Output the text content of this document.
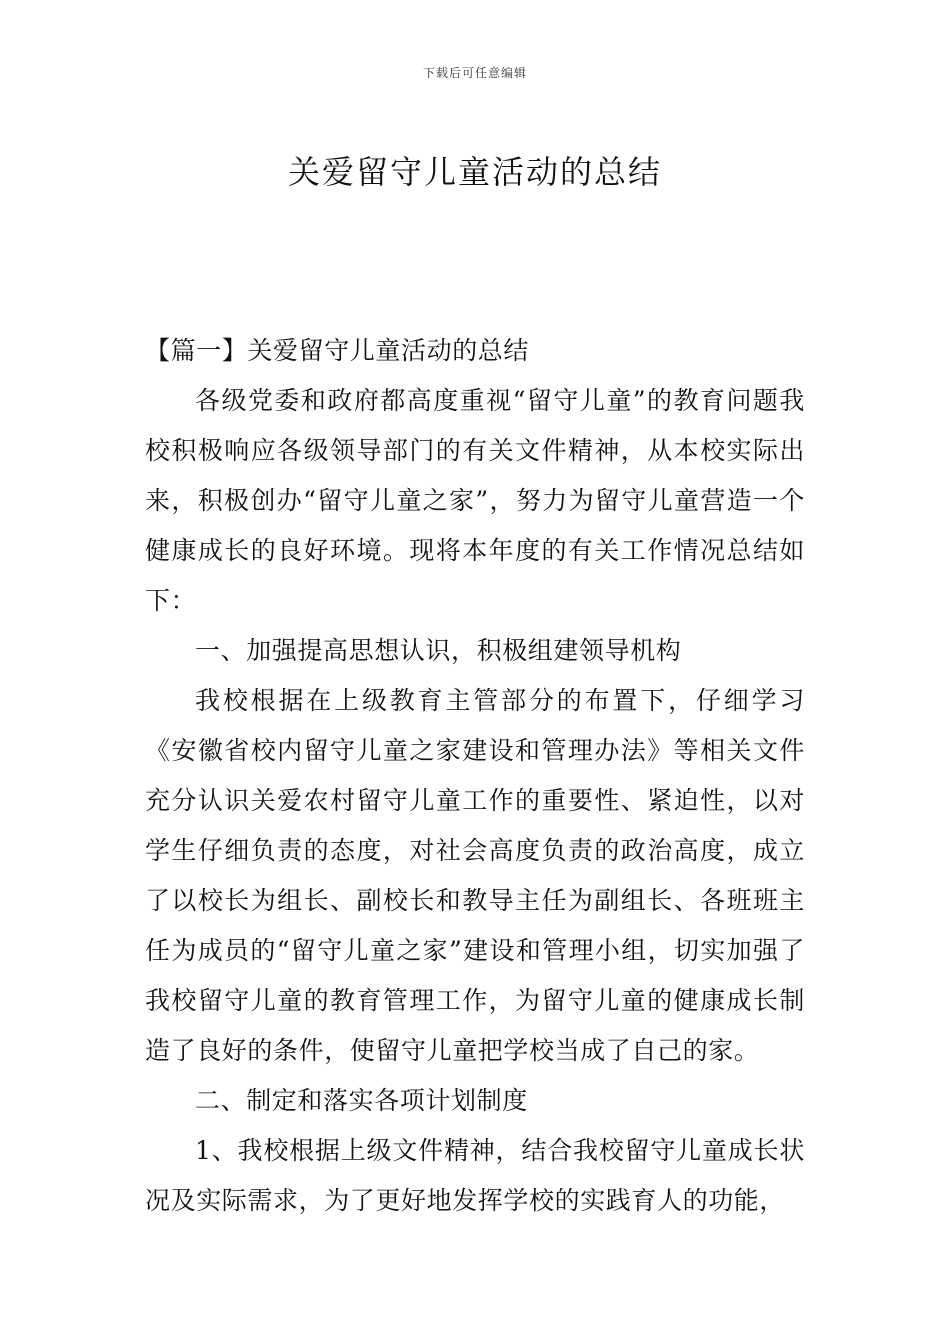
下载后可任意编辑
关爱留守儿童活动的总结

【篇一】关爱留守儿童活动的总结

各级党委和政府都高度重视“留守儿童”的教育问题我校积极响应各级领导部门的有关文件精神，从本校实际出来，积极创办“留守儿童之家”，努力为留守儿童营造一个健康成长的良好环境。现将本年度的有关工作情况总结如下：

一、加强提高思想认识，积极组建领导机构

我校根据在上级教育主管部分的布置下，仔细学习《安徽省校内留守儿童之家建设和管理办法》等相关文件充分认识关爱农村留守儿童工作的重要性、紧迫性，以对学生仔细负责的态度，对社会高度负责的政治高度，成立了以校长为组长、副校长和教导主任为副组长、各班班主任为成员的“留守儿童之家”建设和管理小组，切实加强了我校留守儿童的教育管理工作，为留守儿童的健康成长制造了良好的条件，使留守儿童把学校当成了自己的家。

二、制定和落实各项计划制度

1、我校根据上级文件精神，结合我校留守儿童成长状况及实际需求，为了更好地发挥学校的实践育人的功能，
